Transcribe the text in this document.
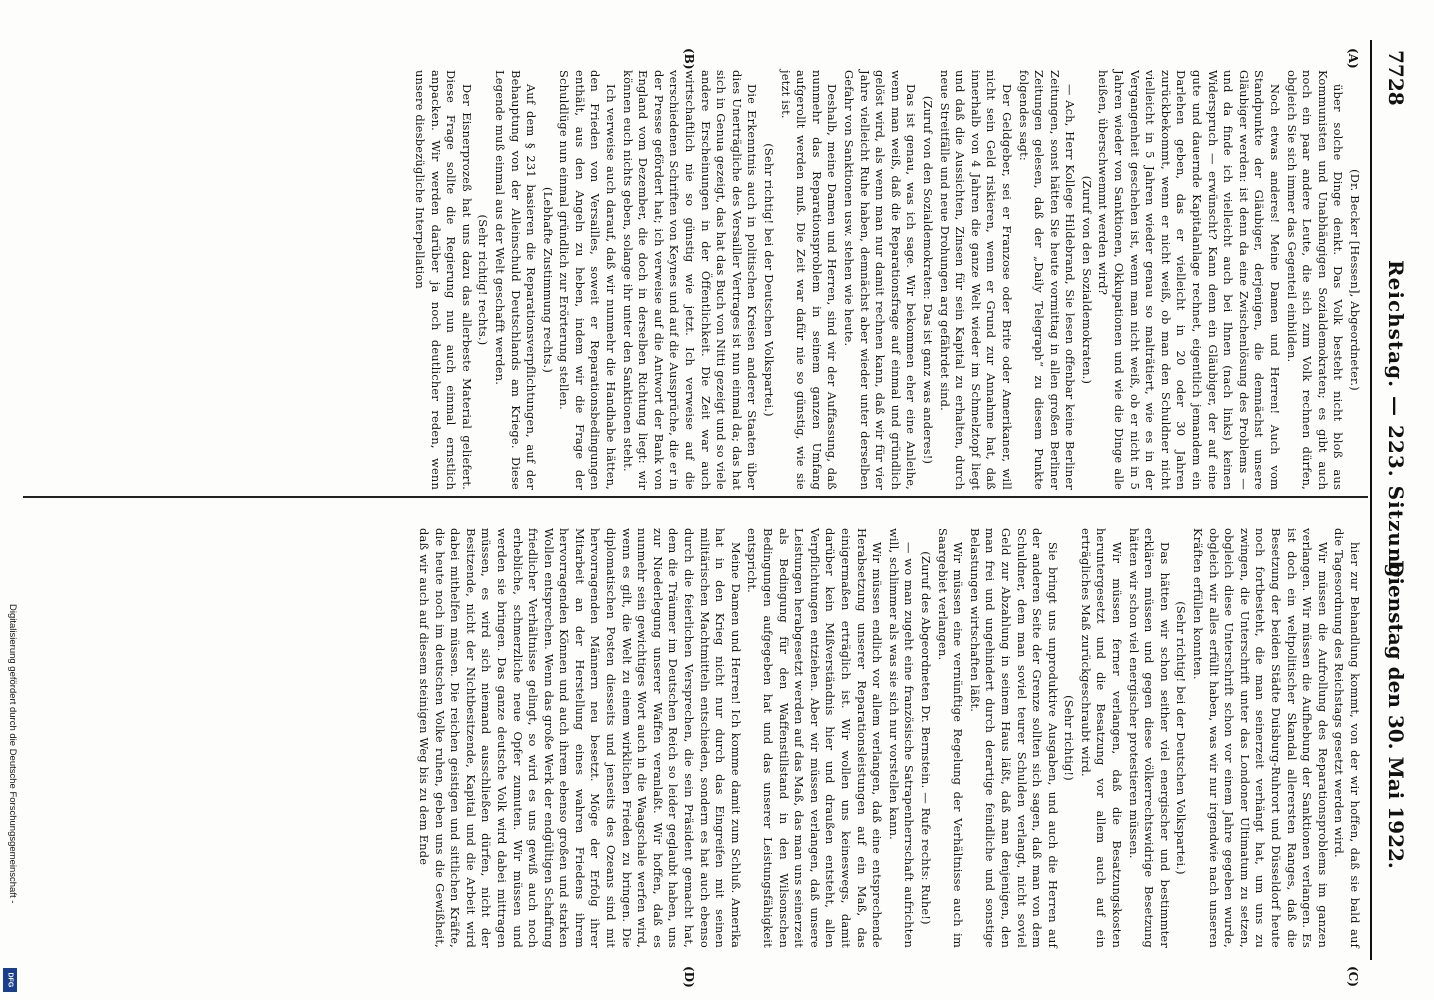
7728
Reichstag. — 223. Sitzung.
Dienstag den 30. Mai 1922.
(A)
(B)
(C)
(D)

(Dr. Becker [Hessen], Abgeordneter.)

über solche Dinge denkt. Das Volk besteht nicht bloß aus Kommunisten und Unabhängigen Sozialdemokraten; es gibt auch noch ein paar andere Leute, die sich zum Volk rechnen dürfen, obgleich Sie sich immer das Gegenteil einbilden.

Noch etwas anderes! Meine Damen und Herren! Auch vom Standpunkte der Gläubiger, derjenigen, die demnächst unsere Gläubiger werden: ist denn da eine Zwischenlösung des Problems — und da finde ich vielleicht auch bei Ihnen (nach links) keinen Widerspruch — erwünscht? Kann denn ein Gläubiger, der auf eine gute und dauernde Kapitalanlage rechnet, eigentlich jemandem ein Darlehen geben, das er vielleicht in 20 oder 30 Jahren zurückbekommt, wenn er nicht weiß, ob man den Schuldner nicht vielleicht in 5 Jahren wieder genau so malträtiert, wie es in der Vergangenheit geschehen ist, wenn man nicht weiß, ob er nicht in 5 Jahren wieder von Sanktionen, Okkupationen und wie die Dinge alle heißen, überschwemmt werden wird?

(Zuruf von den Sozialdemokraten.)

— Ach, Herr Kollege Hildebrand, Sie lesen offenbar keine Berliner Zeitungen, sonst hätten Sie heute vormittag in allen großen Berliner Zeitungen gelesen, daß der „Daily Telegraph“ zu diesem Punkte folgendes sagt:

Der Geldgeber, sei er Franzose oder Brite oder Amerikaner, will nicht sein Geld riskieren, wenn er Grund zur Annahme hat, daß innerhalb von 4 Jahren die ganze Welt wieder im Schmelztopf liegt und daß die Aussichten, Zinsen für sein Kapital zu erhalten, durch neue Streitfälle und neue Drohungen arg gefährdet sind.

(Zuruf von den Sozialdemokraten: Das ist ganz was anderes!)

Das ist genau, was ich sage. Wir bekommen eher eine Anleihe, wenn man weiß, daß die Reparationsfrage auf einmal und gründlich gelöst wird, als wenn man nur damit rechnen kann, daß wir für vier Jahre vielleicht Ruhe haben, demnächst aber wieder unter derselben Gefahr von Sanktionen usw. stehen wie heute.

Deshalb, meine Damen und Herren, sind wir der Auffassung, daß nunmehr das Reparationsproblem in seinem ganzen Umfang aufgerollt werden muß. Die Zeit war dafür nie so günstig, wie sie jetzt ist.

(Sehr richtig! bei der Deutschen Volkspartei.)

Die Erkenntnis auch in politischen Kreisen anderer Staaten über dies Unerträgliche des Versailler Vertrages ist nun einmal da; das hat sich in Genua gezeigt, das hat das Buch von Nitti gezeigt und so viele andere Erscheinungen in der Öffentlichkeit. Die Zeit war auch wirtschaftlich nie so günstig wie jetzt. Ich verweise auf die verschiedenen Schriften von Keynes und auf die Aussprüche, die er in der Presse gefördert hat; ich verweise auf die Antwort der Bank von England vom Dezember, die doch in derselben Richtung liegt: wir können euch nichts geben, solange ihr unter den Sanktionen steht.

Ich verweise auch darauf, daß wir nunmehr die Handhabe hätten, den Frieden von Versailles, soweit er Reparationsbedingungen enthält, aus den Angeln zu heben, indem wir die Frage der Schuldlüge nun einmal gründlich zur Erörterung stellen.

(Lebhafte Zustimmung rechts.)

Auf dem § 231 basieren die Reparationsverpflichtungen, auf der Behauptung von der Alleinschuld Deutschlands am Kriege. Diese Legende muß einmal aus der Welt geschafft werden.

(Sehr richtig! rechts.)

Der Eisnerprozeß hat uns dazu das allerbeste Material geliefert. Diese Frage sollte die Regierung nun auch einmal ernstlich anpacken. Wir werden darüber ja noch deutlicher reden, wenn unsere diesbezügliche Interpellation

hier zur Behandlung kommt, von der wir hoffen, daß sie bald auf die Tagesordnung des Reichstags gesetzt werden wird.

Wir müssen die Aufrollung des Reparationsproblems im ganzen verlangen. Wir müssen die Aufhebung der Sanktionen verlangen. Es ist doch ein weltpolitischer Skandal allerersten Ranges, daß die Besetzung der beiden Städte Duisburg-Ruhrort und Düsseldorf heute noch fortbesteht, die man seinerzeit verhängt hat, um uns zu zwingen, die Unterschrift unter das Londoner Ultimatum zu setzen, obgleich diese Unterschrift schon vor einem Jahre gegeben wurde, obgleich wir alles erfüllt haben, was wir nur irgendwie nach unseren Kräften erfüllen konnten.

(Sehr richtig! bei der Deutschen Volkspartei.)

Das hätten wir schon seither viel energischer und bestimmter erklären müssen und gegen diese völkerrechtswidrige Besetzung hätten wir schon viel energischer protestieren müssen.

Wir müssen ferner verlangen, daß die Besatzungskosten heruntergesetzt und die Besatzung vor allem auch auf ein erträgliches Maß zurückgeschraubt wird.

(Sehr richtig!)

Sie bringt uns unproduktive Ausgaben, und auch die Herren auf der anderen Seite der Grenze sollten sich sagen, daß man von dem Schuldner, dem man soviel teurer Schulden verlangt, nicht soviel Geld zur Abzahlung in seinem Haus läßt, daß man denjenigen, den man frei und ungehindert durch derartige feindliche und sonstige Belastungen wirtschaften läßt.

Wir müssen eine vernünftige Regelung der Verhältnisse auch im Saargebiet verlangen.

(Zuruf des Abgeordneten Dr. Bernstein. — Rufe rechts: Ruhe!)

— wo man zugeht eine französische Satrapenherrschaft aufrichten will, schlimmer als was sie sich nur vorstellen kann.

Wir müssen endlich vor allem verlangen, daß eine entsprechende Herabsetzung unserer Reparationsleistungen auf ein Maß, das einigermaßen erträglich ist. Wir wollen uns keineswegs, damit darüber kein Mißverständnis hier und draußen entsteht, allen Verpflichtungen entziehen. Aber wir müssen verlangen, daß unsere Leistungen herabgesetzt werden auf das Maß, das man uns seinerzeit als Bedingung für den Waffenstillstand in den Wilsonschen Bedingungen aufgegeben hat und das unserer Leistungsfähigkeit entspricht.

Meine Damen und Herren! Ich komme damit zum Schluß. Amerika hat in den Krieg nicht nur durch das Eingreifen mit seinen militärischen Machtmitteln entschieden, sondern es hat auch ebenso durch die feierlichen Versprechen, die sein Präsident gemacht hat, dem die Träumer im Deutschen Reich so leider geglaubt haben, uns zur Niederlegung unserer Waffen veranlaßt. Wir hoffen, daß es nunmehr sein gewichtiges Wort auch in die Waagschale werfen wird, wenn es gilt, die Welt zu einem wirklichen Frieden zu bringen. Die diplomatischen Posten diesseits und jenseits des Ozeans sind mit hervorragenden Männern neu besetzt. Möge der Erfolg ihrer Mitarbeit an der Herstellung eines wahren Friedens ihrem hervorragenden Können und auch ihrem ebenso großen und starken Wollen entsprechen. Wenn das große Werk der endgültigen Schaffung friedlicher Verhältnisse gelingt, so wird es uns gewiß auch noch erhebliche, schmerzliche neue Opfer zumuten. Wir müssen und werden sie bringen. Das ganze deutsche Volk wird dabei mittragen müssen, es wird sich niemand ausschließen dürfen, nicht der Besitzende, nicht der Nichtbesitzende, Kapital und die Arbeit wird dabei mithelfen müssen. Die reichen geistigen und sittlichen Kräfte, die heute noch im deutschen Volke ruhen, geben uns die Gewißheit, daß wir auch auf diesem steinigen Weg bis zu dem Ende

Digitalisierung gefördert durch die Deutsche Forschungsgemeinschaft -
DFG
